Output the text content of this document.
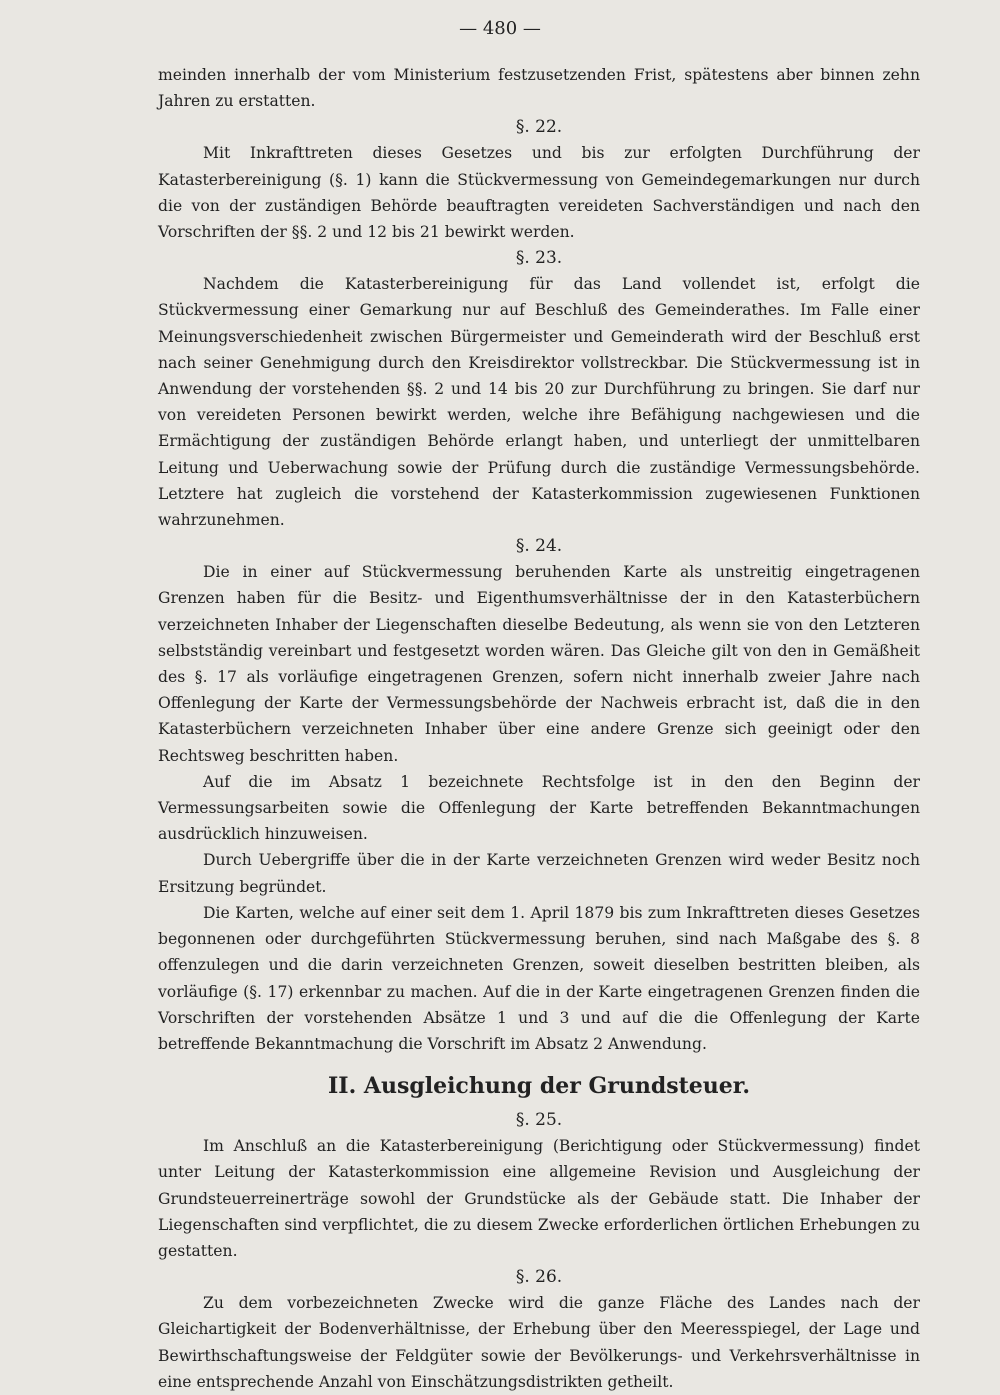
— 480 —

meinden innerhalb der vom Ministerium festzusetzenden Frist, spätestens aber binnen zehn Jahren zu erstatten.

§. 22.

Mit Inkrafttreten dieses Gesetzes und bis zur erfolgten Durchführung der Katasterbereinigung (§. 1) kann die Stückvermessung von Gemeindegemarkungen nur durch die von der zuständigen Behörde beauftragten vereideten Sachverständigen und nach den Vorschriften der §§. 2 und 12 bis 21 bewirkt werden.

§. 23.

Nachdem die Katasterbereinigung für das Land vollendet ist, erfolgt die Stückvermessung einer Gemarkung nur auf Beschluß des Gemeinderathes. Im Falle einer Meinungsverschiedenheit zwischen Bürgermeister und Gemeinderath wird der Beschluß erst nach seiner Genehmigung durch den Kreisdirektor vollstreckbar. Die Stückvermessung ist in Anwendung der vorstehenden §§. 2 und 14 bis 20 zur Durchführung zu bringen. Sie darf nur von vereideten Personen bewirkt werden, welche ihre Befähigung nachgewiesen und die Ermächtigung der zuständigen Behörde erlangt haben, und unterliegt der unmittelbaren Leitung und Ueberwachung sowie der Prüfung durch die zuständige Vermessungsbehörde. Letztere hat zugleich die vorstehend der Katasterkommission zugewiesenen Funktionen wahrzunehmen.

§. 24.

Die in einer auf Stückvermessung beruhenden Karte als unstreitig eingetragenen Grenzen haben für die Besitz- und Eigenthumsverhältnisse der in den Katasterbüchern verzeichneten Inhaber der Liegenschaften dieselbe Bedeutung, als wenn sie von den Letzteren selbstständig vereinbart und festgesetzt worden wären. Das Gleiche gilt von den in Gemäßheit des §. 17 als vorläufige eingetragenen Grenzen, sofern nicht innerhalb zweier Jahre nach Offenlegung der Karte der Vermessungsbehörde der Nachweis erbracht ist, daß die in den Katasterbüchern verzeichneten Inhaber über eine andere Grenze sich geeinigt oder den Rechtsweg beschritten haben.

Auf die im Absatz 1 bezeichnete Rechtsfolge ist in den den Beginn der Vermessungsarbeiten sowie die Offenlegung der Karte betreffenden Bekanntmachungen ausdrücklich hinzuweisen.

Durch Uebergriffe über die in der Karte verzeichneten Grenzen wird weder Besitz noch Ersitzung begründet.

Die Karten, welche auf einer seit dem 1. April 1879 bis zum Inkrafttreten dieses Gesetzes begonnenen oder durchgeführten Stückvermessung beruhen, sind nach Maßgabe des §. 8 offenzulegen und die darin verzeichneten Grenzen, soweit dieselben bestritten bleiben, als vorläufige (§. 17) erkennbar zu machen. Auf die in der Karte eingetragenen Grenzen finden die Vorschriften der vorstehenden Absätze 1 und 3 und auf die die Offenlegung der Karte betreffende Bekanntmachung die Vorschrift im Absatz 2 Anwendung.

II. Ausgleichung der Grundsteuer.
§. 25.

Im Anschluß an die Katasterbereinigung (Berichtigung oder Stückvermessung) findet unter Leitung der Katasterkommission eine allgemeine Revision und Ausgleichung der Grundsteuerreinerträge sowohl der Grundstücke als der Gebäude statt. Die Inhaber der Liegenschaften sind verpflichtet, die zu diesem Zwecke erforderlichen örtlichen Erhebungen zu gestatten.

§. 26.

Zu dem vorbezeichneten Zwecke wird die ganze Fläche des Landes nach der Gleichartigkeit der Bodenverhältnisse, der Erhebung über den Meeresspiegel, der Lage und Bewirthschaftungsweise der Feldgüter sowie der Bevölkerungs- und Verkehrsverhältnisse in eine entsprechende Anzahl von Einschätzungsdistrikten getheilt.
